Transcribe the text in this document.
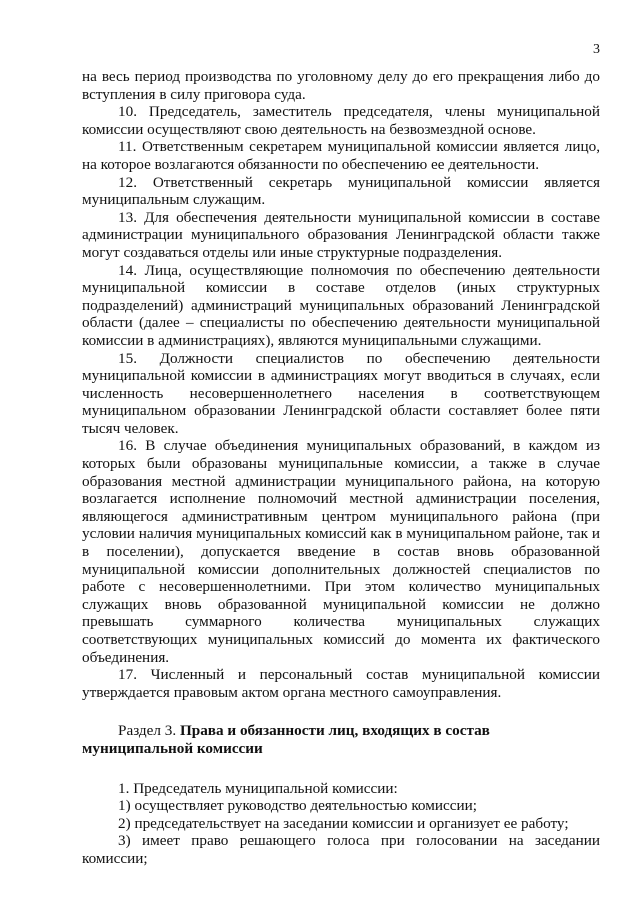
3

на весь период производства по уголовному делу до его прекращения либо до вступления в силу приговора суда.

10. Председатель, заместитель председателя, члены муниципальной комиссии осуществляют свою деятельность на безвозмездной основе.

11. Ответственным секретарем муниципальной комиссии является лицо, на которое возлагаются обязанности по обеспечению ее деятельности.

12. Ответственный секретарь муниципальной комиссии является муниципальным служащим.

13. Для обеспечения деятельности муниципальной комиссии в составе администрации муниципального образования Ленинградской области также могут создаваться отделы или иные структурные подразделения.

14. Лица, осуществляющие полномочия по обеспечению деятельности муниципальной комиссии в составе отделов (иных структурных подразделений) администраций муниципальных образований Ленинградской области (далее – специалисты по обеспечению деятельности муниципальной комиссии в администрациях), являются муниципальными служащими.

15. Должности специалистов по обеспечению деятельности муниципальной комиссии в администрациях могут вводиться в случаях, если численность несовершеннолетнего населения в соответствующем муниципальном образовании Ленинградской области составляет более пяти тысяч человек.

16. В случае объединения муниципальных образований, в каждом из которых были образованы муниципальные комиссии, а также в случае образования местной администрации муниципального района, на которую возлагается исполнение полномочий местной администрации поселения, являющегося административным центром муниципального района (при условии наличия муниципальных комиссий как в муниципальном районе, так и в поселении), допускается введение в состав вновь образованной муниципальной комиссии дополнительных должностей специалистов по работе с несовершеннолетними. При этом количество муниципальных служащих вновь образованной муниципальной комиссии не должно превышать суммарного количества муниципальных служащих соответствующих муниципальных комиссий до момента их фактического объединения.

17. Численный и персональный состав муниципальной комиссии утверждается правовым актом органа местного самоуправления.

Раздел 3. Права и обязанности лиц, входящих в состав муниципальной комиссии

1. Председатель муниципальной комиссии:

1) осуществляет руководство деятельностью комиссии;

2) председательствует на заседании комиссии и организует ее работу;

3) имеет право решающего голоса при голосовании на заседании комиссии;
